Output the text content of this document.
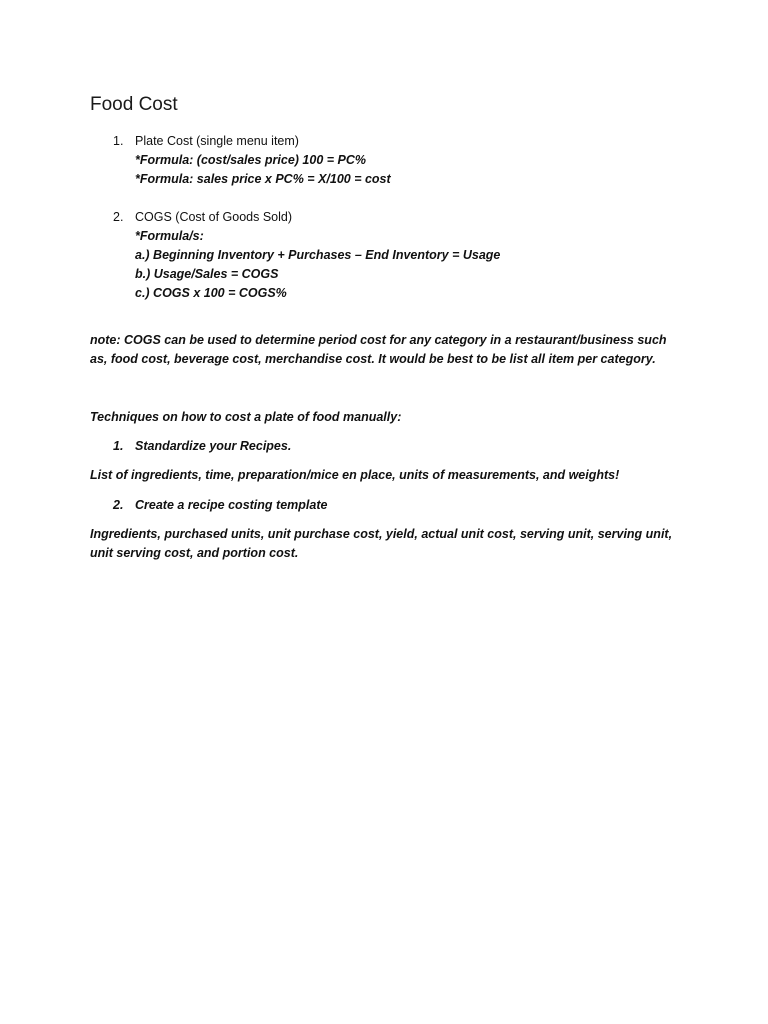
Food Cost
1. Plate Cost (single menu item)

*Formula: (cost/sales price) 100 = PC%

*Formula: sales price x PC% = X/100 = cost

2. COGS (Cost of Goods Sold)

*Formula/s:

a.) Beginning Inventory + Purchases – End Inventory = Usage

b.) Usage/Sales = COGS

c.) COGS x 100 = COGS%

note: COGS can be used to determine period cost for any category in a restaurant/business such as, food cost, beverage cost, merchandise cost. It would be best to be list all item per category.

Techniques on how to cost a plate of food manually:

1. Standardize your Recipes.

List of ingredients, time, preparation/mice en place, units of measurements, and weights!

2. Create a recipe costing template

Ingredients, purchased units, unit purchase cost, yield, actual unit cost, serving unit, serving unit, unit serving cost, and portion cost.
